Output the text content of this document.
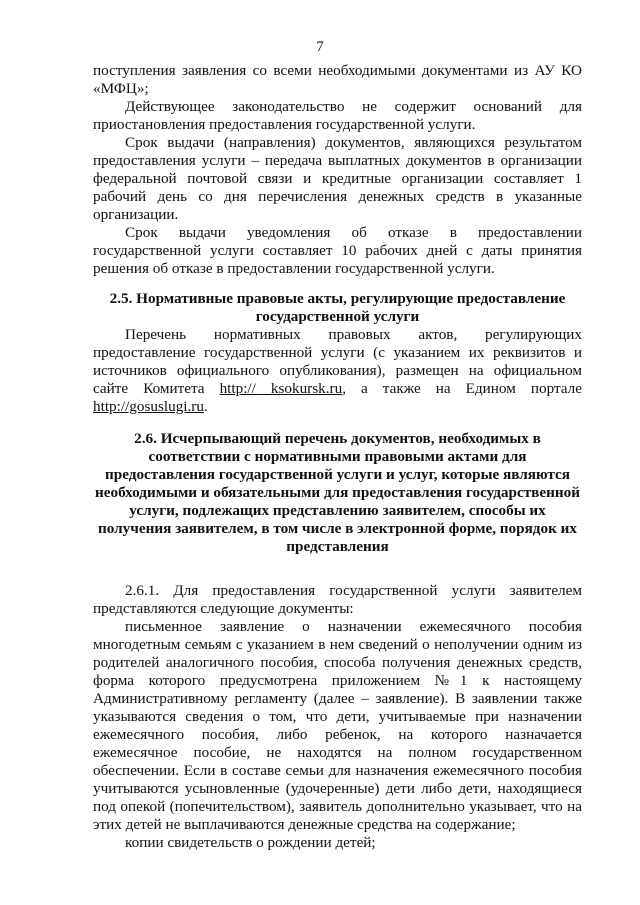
7

поступления заявления со всеми необходимыми документами из АУ КО «МФЦ»;

Действующее законодательство не содержит оснований для приостановления предоставления государственной услуги.

Срок выдачи (направления) документов, являющихся результатом предоставления услуги – передача выплатных документов в организации федеральной почтовой связи и кредитные организации составляет 1 рабочий день со дня перечисления денежных средств в указанные организации.

Срок выдачи уведомления об отказе в предоставлении государственной услуги составляет 10 рабочих дней с даты принятия решения об отказе в предоставлении государственной услуги.

2.5. Нормативные правовые акты, регулирующие предоставление государственной услуги

Перечень нормативных правовых актов, регулирующих предоставление государственной услуги (с указанием их реквизитов и источников официального опубликования), размещен на официальном сайте Комитета http:// ksokursk.ru, а также на Едином портале http://gosuslugi.ru.

2.6. Исчерпывающий перечень документов, необходимых в соответствии с нормативными правовыми актами для предоставления государственной услуги и услуг, которые являются необходимыми и обязательными для предоставления государственной услуги, подлежащих представлению заявителем, способы их получения заявителем, в том числе в электронной форме, порядок их представления

2.6.1. Для предоставления государственной услуги заявителем представляются следующие документы:

письменное заявление о назначении ежемесячного пособия многодетным семьям с указанием в нем сведений о неполучении одним из родителей аналогичного пособия, способа получения денежных средств, форма которого предусмотрена приложением №1 к настоящему Административному регламенту (далее – заявление). В заявлении также указываются сведения о том, что дети, учитываемые при назначении ежемесячного пособия, либо ребенок, на которого назначается ежемесячное пособие, не находятся на полном государственном обеспечении. Если в составе семьи для назначения ежемесячного пособия учитываются усыновленные (удочеренные) дети либо дети, находящиеся под опекой (попечительством), заявитель дополнительно указывает, что на этих детей не выплачиваются денежные средства на содержание;

копии свидетельств о рождении детей;
